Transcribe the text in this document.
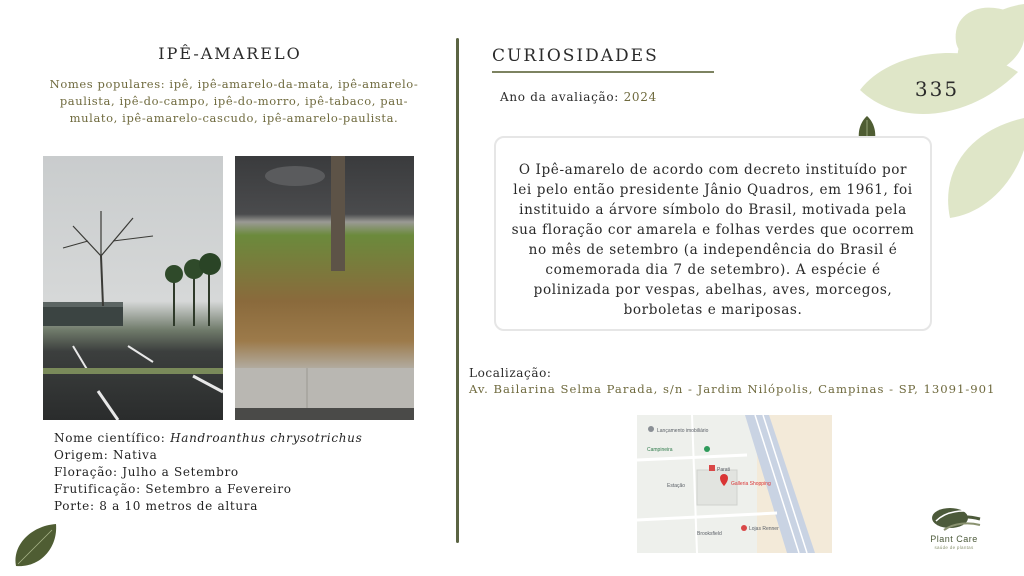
IPÊ-AMARELO
Nomes populares: ipê, ipê-amarelo-da-mata, ipê-amarelo-paulista, ipê-do-campo, ipê-do-morro, ipê-tabaco, pau-mulato, ipê-amarelo-cascudo, ipê-amarelo-paulista.
Nome científico: Handroanthus chrysotrichus
Origem: Nativa
Floração: Julho a Setembro
Frutificação: Setembro a Fevereiro
Porte: 8 a 10 metros de altura
CURIOSIDADES
Ano da avaliação: 2024	335
O Ipê-amarelo de acordo com decreto instituído por lei pelo então presidente Jânio Quadros, em 1961, foi instituido a árvore símbolo do Brasil, motivada pela sua floração cor amarela e folhas verdes que ocorrem no mês de setembro (a independência do Brasil é comemorada dia 7 de setembro). A espécie é polinizada por vespas, abelhas, aves, morcegos, borboletas e mariposas.
Localização:
Av. Bailarina Selma Parada, s/n - Jardim Nilópolis, Campinas - SP, 13091-901
Lançamento imobiliário
Campineira
Parati
Galleria Shopping
Estação
Lojas Renner
Brooksfield	Plant Care
saúde de plantas
